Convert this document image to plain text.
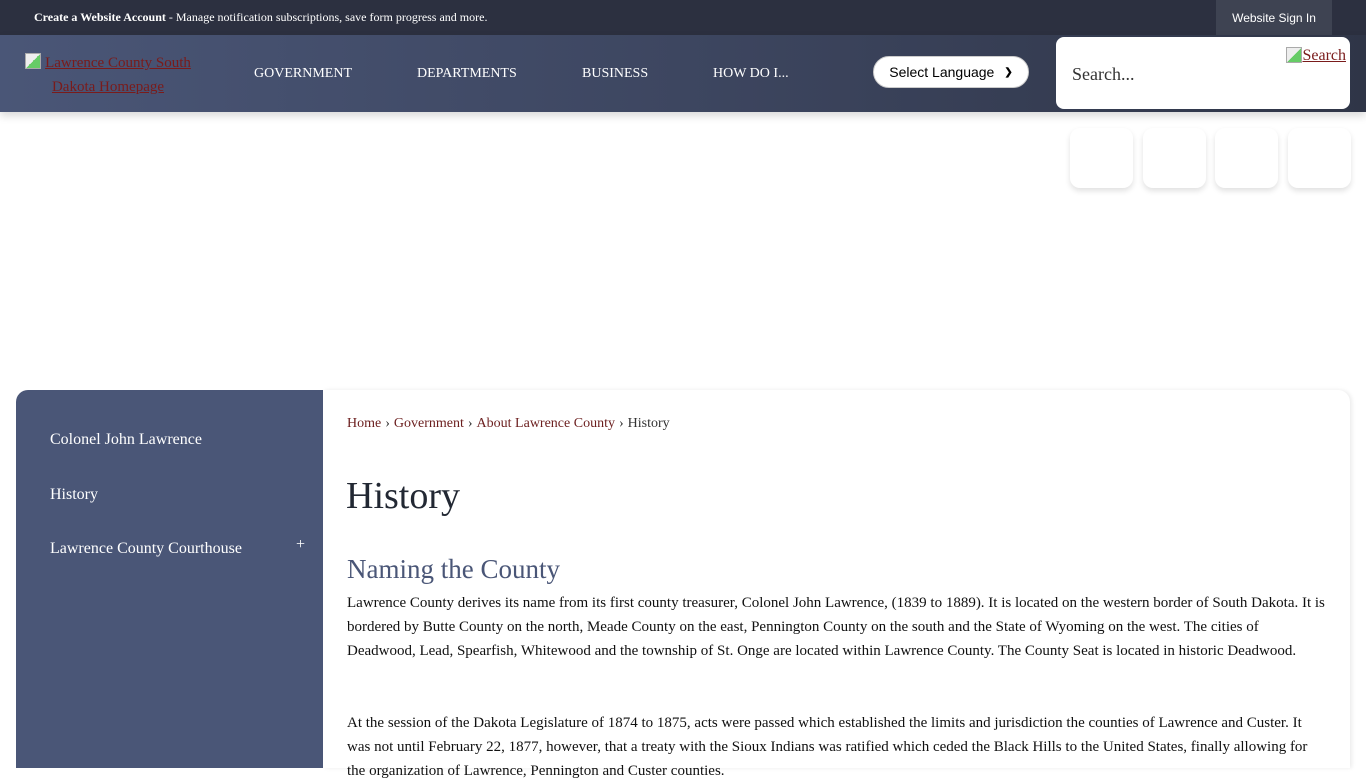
Create a Website Account - Manage notification subscriptions, save form progress and more.	Website Sign In
Lawrence County South Dakota Homepage
GOVERNMENT	DEPARTMENTS	BUSINESS	HOW DO I...	Select Language ❯	Search...
Search
Colonel John Lawrence
History
Lawrence County Courthouse	+
Home › Government › About Lawrence County › History
History
Naming the County

Lawrence County derives its name from its first county treasurer, Colonel John Lawrence, (1839 to 1889). It is located on the western border of South Dakota. It is bordered by Butte County on the north, Meade County on the east, Pennington County on the south and the State of Wyoming on the west. The cities of Deadwood, Lead, Spearfish, Whitewood and the township of St. Onge are located within Lawrence County. The County Seat is located in historic Deadwood.

At the session of the Dakota Legislature of 1874 to 1875, acts were passed which established the limits and jurisdiction the counties of Lawrence and Custer. It was not until February 22, 1877, however, that a treaty with the Sioux Indians was ratified which ceded the Black Hills to the United States, finally allowing for the organization of Lawrence, Pennington and Custer counties.
